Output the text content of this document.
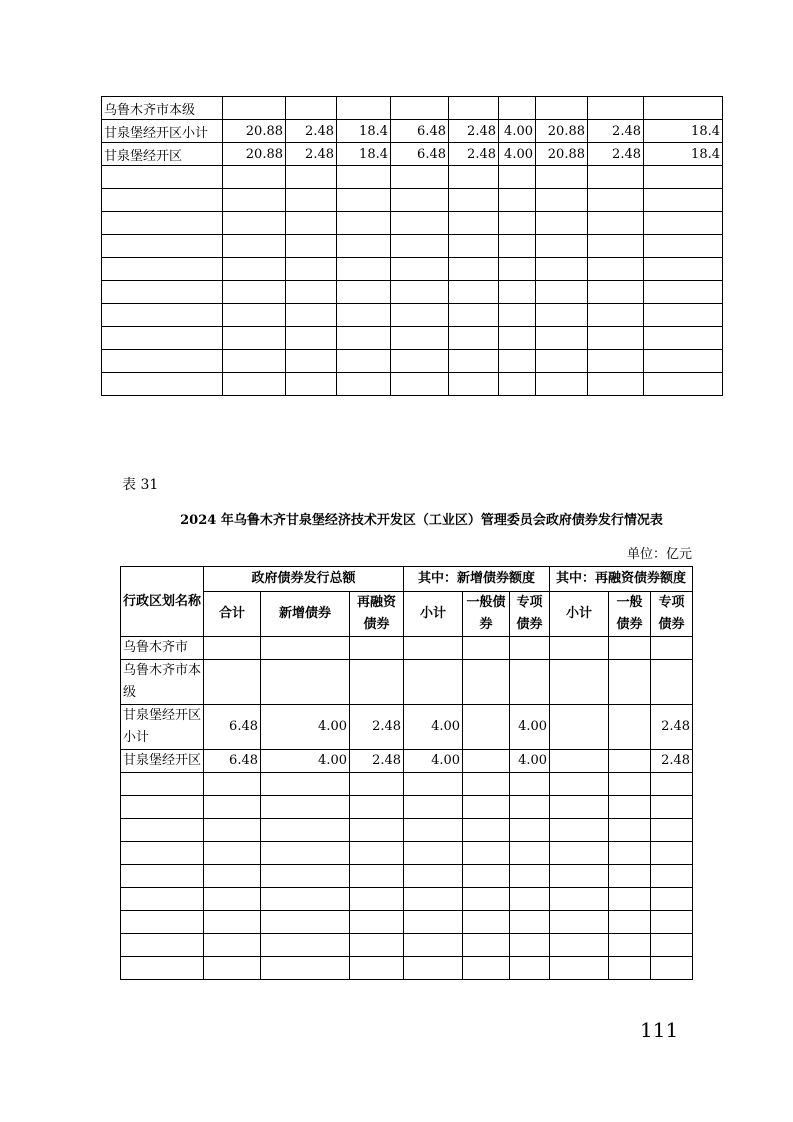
乌鲁木齐市本级									
甘泉堡经开区小计	20.88	2.48	18.4	6.48	2.48	4.00	20.88	2.48	18.4
甘泉堡经开区	20.88	2.48	18.4	6.48	2.48	4.00	20.88	2.48	18.4

表 31
2024 年乌鲁木齐甘泉堡经济技术开发区（工业区）管理委员会政府债券发行情况表
单位：亿元
行政区划名称	政府债券发行总额			其中：新增债券额度			其中：再融资债券额度		
	合计	新增债券	再融资债券	小计	一般债券	专项债券	小计	一般债券	专项债券
乌鲁木齐市									
乌鲁木齐市本级									
甘泉堡经开区小计	6.48	4.00	2.48	4.00		4.00			2.48
甘泉堡经开区	6.48	4.00	2.48	4.00		4.00			2.48

111
